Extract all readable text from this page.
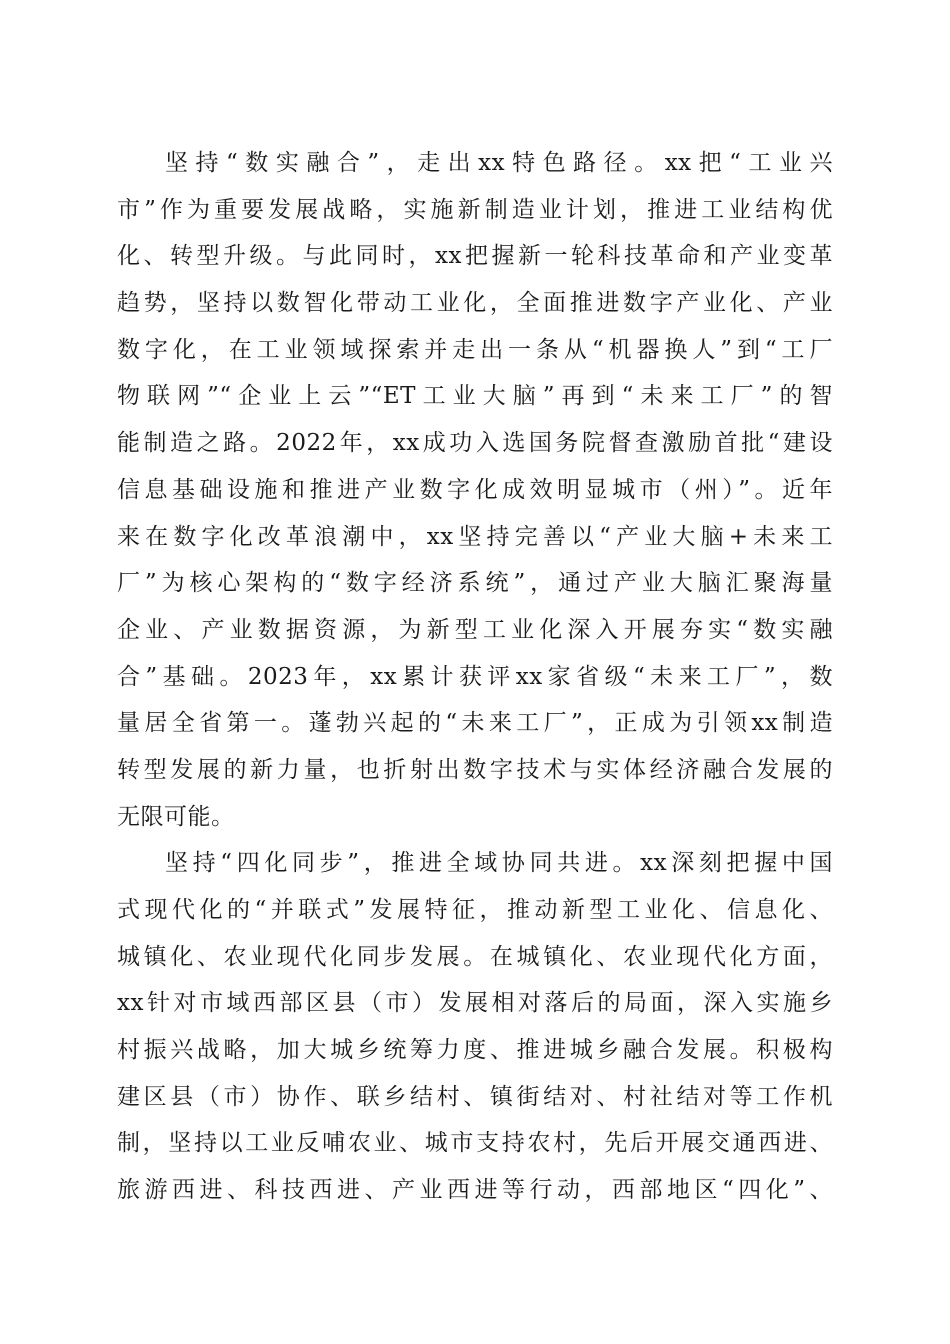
坚持“数实融合”，走出xx特色路径。xx把“工业兴
市”作为重要发展战略，实施新制造业计划，推进工业结构优
化、转型升级。与此同时，xx把握新一轮科技革命和产业变革
趋势，坚持以数智化带动工业化，全面推进数字产业化、产业
数字化，在工业领域探索并走出一条从“机器换人”到“工厂
物联网”“企业上云”“ET工业大脑”再到“未来工厂”的智
能制造之路。2022年，xx成功入选国务院督查激励首批“建设
信息基础设施和推进产业数字化成效明显城市（州）”。近年
来在数字化改革浪潮中，xx坚持完善以“产业大脑+未来工
厂”为核心架构的“数字经济系统”，通过产业大脑汇聚海量
企业、产业数据资源，为新型工业化深入开展夯实“数实融
合”基础。2023年，xx累计获评xx家省级“未来工厂”，数
量居全省第一。蓬勃兴起的“未来工厂”，正成为引领xx制造
转型发展的新力量，也折射出数字技术与实体经济融合发展的
无限可能。
坚持“四化同步”，推进全域协同共进。xx深刻把握中国
式现代化的“并联式”发展特征，推动新型工业化、信息化、
城镇化、农业现代化同步发展。在城镇化、农业现代化方面，
xx针对市域西部区县（市）发展相对落后的局面，深入实施乡
村振兴战略，加大城乡统筹力度、推进城乡融合发展。积极构
建区县（市）协作、联乡结村、镇街结对、村社结对等工作机
制，坚持以工业反哺农业、城市支持农村，先后开展交通西进、
旅游西进、科技西进、产业西进等行动，西部地区“四化”、
